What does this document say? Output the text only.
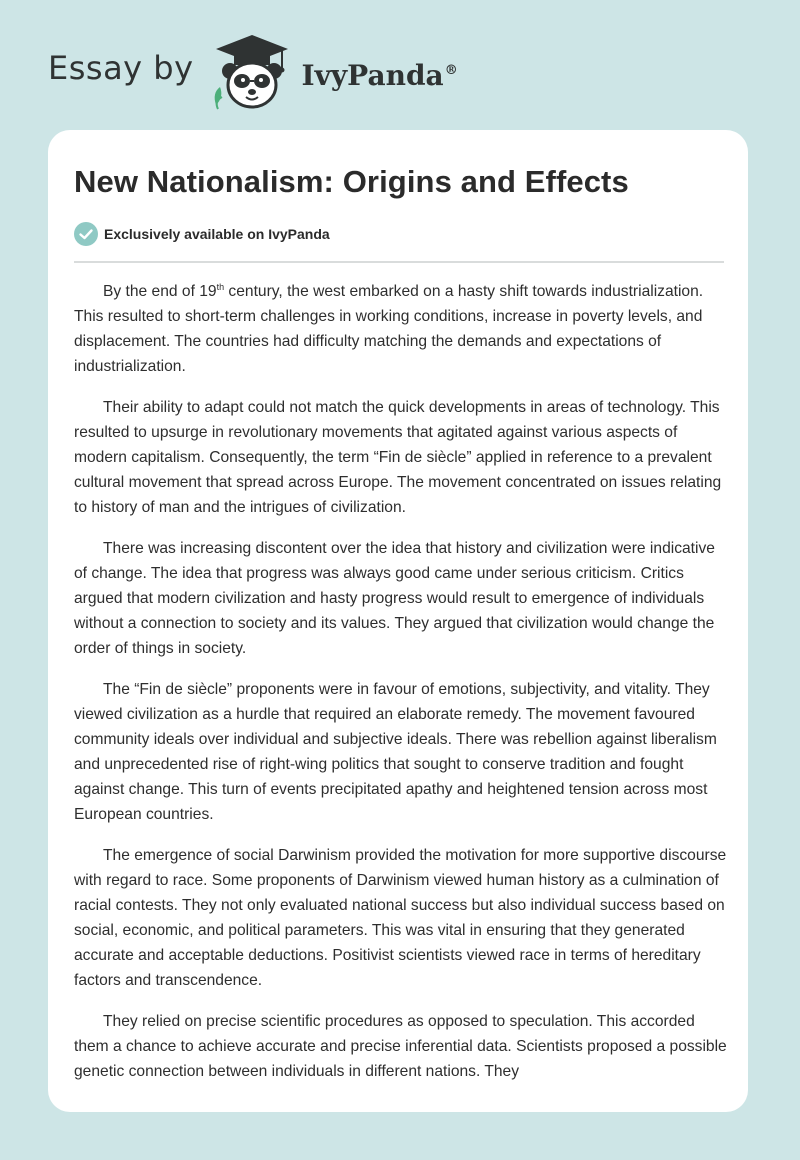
Essay by	IvyPanda®
New Nationalism: Origins and Effects
Exclusively available on IvyPanda

By the end of 19th century, the west embarked on a hasty shift towards industrialization. This resulted to short-term challenges in working conditions, increase in poverty levels, and displacement. The countries had difficulty matching the demands and expectations of industrialization.

Their ability to adapt could not match the quick developments in areas of technology. This resulted to upsurge in revolutionary movements that agitated against various aspects of modern capitalism. Consequently, the term “Fin de siècle” applied in reference to a prevalent cultural movement that spread across Europe. The movement concentrated on issues relating to history of man and the intrigues of civilization.

There was increasing discontent over the idea that history and civilization were indicative of change. The idea that progress was always good came under serious criticism. Critics argued that modern civilization and hasty progress would result to emergence of individuals without a connection to society and its values. They argued that civilization would change the order of things in society.

The “Fin de siècle” proponents were in favour of emotions, subjectivity, and vitality. They viewed civilization as a hurdle that required an elaborate remedy. The movement favoured community ideals over individual and subjective ideals. There was rebellion against liberalism and unprecedented rise of right-wing politics that sought to conserve tradition and fought against change. This turn of events precipitated apathy and heightened tension across most European countries.

The emergence of social Darwinism provided the motivation for more supportive discourse with regard to race. Some proponents of Darwinism viewed human history as a culmination of racial contests. They not only evaluated national success but also individual success based on social, economic, and political parameters. This was vital in ensuring that they generated accurate and acceptable deductions. Positivist scientists viewed race in terms of hereditary factors and transcendence.

They relied on precise scientific procedures as opposed to speculation. This accorded them a chance to achieve accurate and precise inferential data. Scientists proposed a possible genetic connection between individuals in different nations. They
